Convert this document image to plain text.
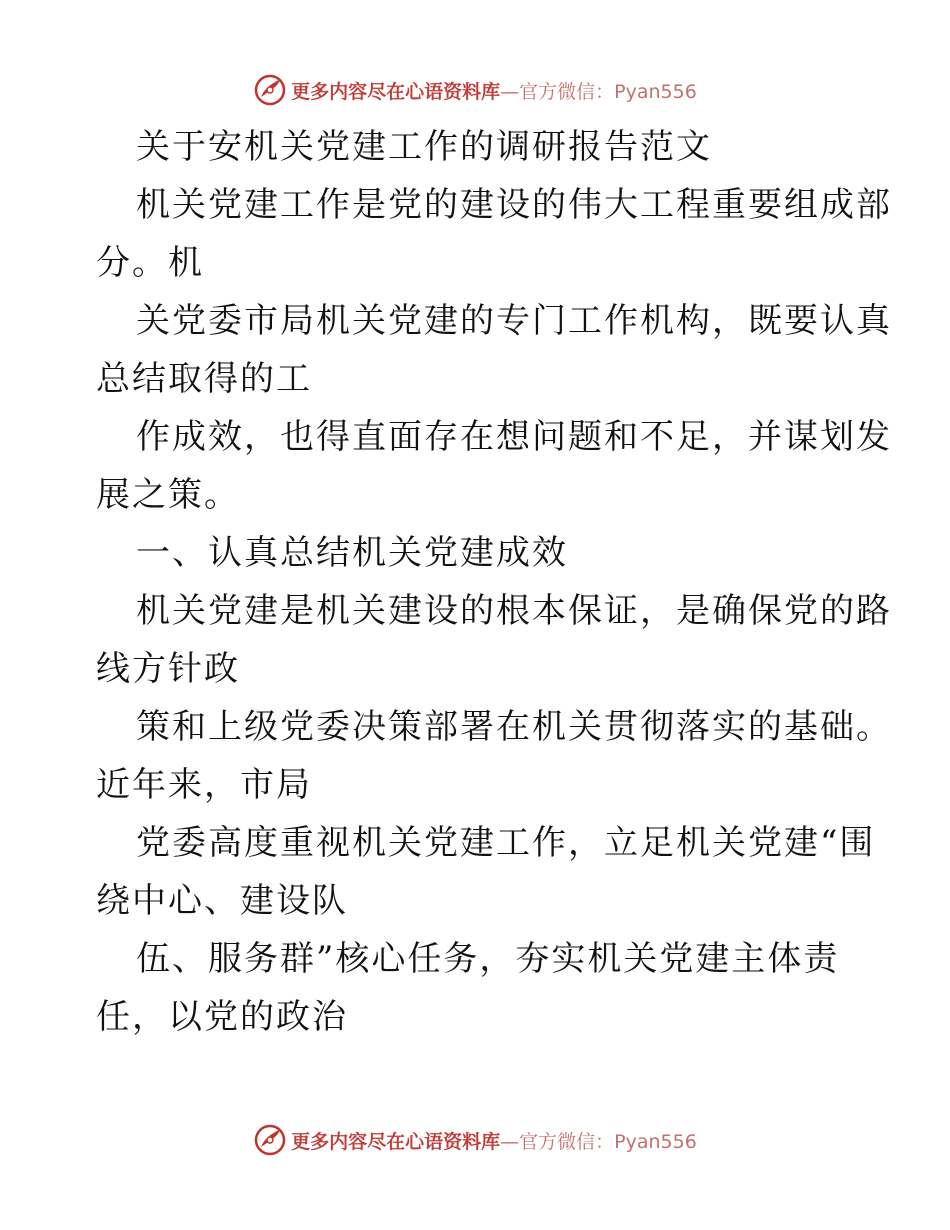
更多内容尽在心语资料库—官方微信：Pyan556
关于安机关党建工作的调研报告范文
机关党建工作是党的建设的伟大工程重要组成部
分。机
关党委市局机关党建的专门工作机构，既要认真
总结取得的工
作成效，也得直面存在想问题和不足，并谋划发
展之策。
一、认真总结机关党建成效
机关党建是机关建设的根本保证，是确保党的路
线方针政
策和上级党委决策部署在机关贯彻落实的基础。
近年来，市局
党委高度重视机关党建工作，立足机关党建“围
绕中心、建设队
伍、服务群”核心任务，夯实机关党建主体责
任，以党的政治
更多内容尽在心语资料库—官方微信：Pyan556
